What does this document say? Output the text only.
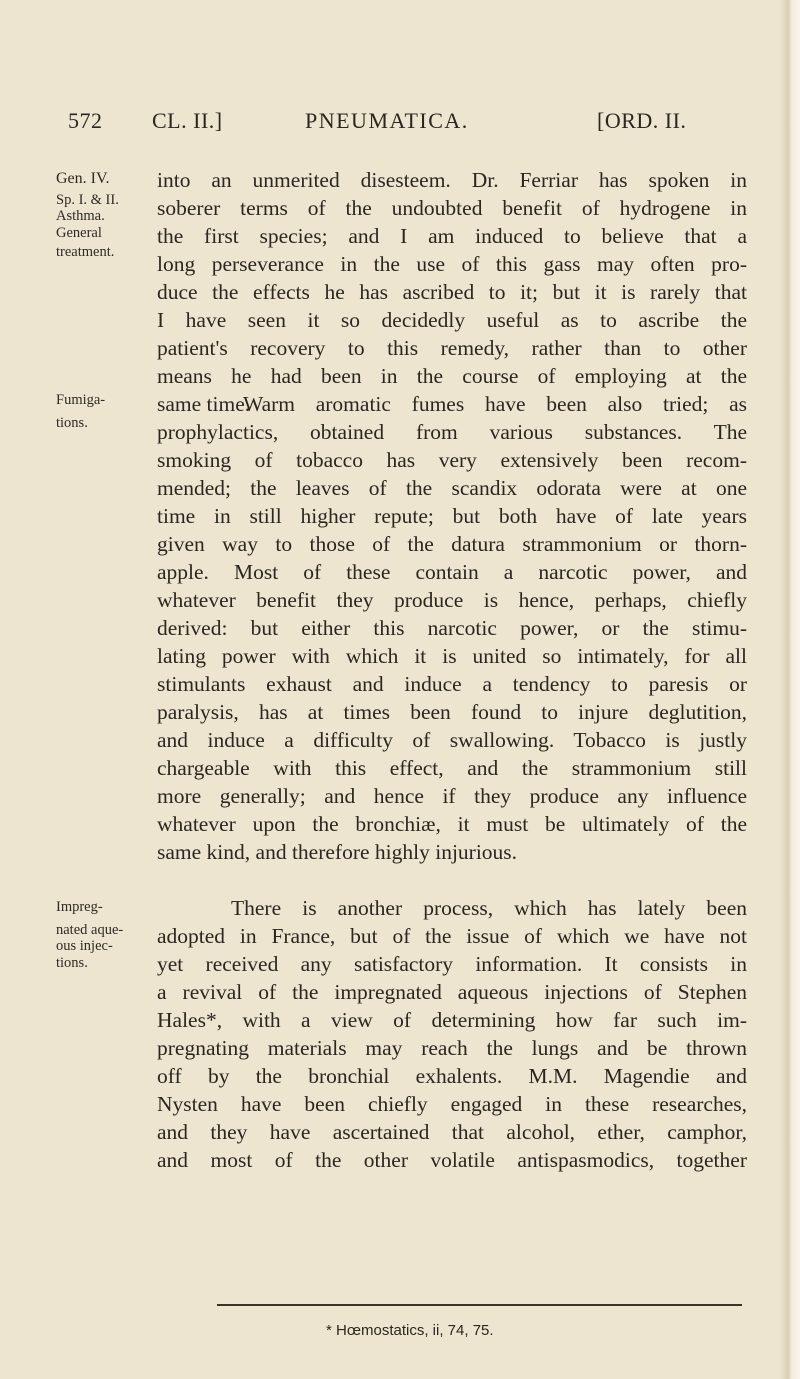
572 CL. II.]	PNEUMATICA.	[ORD. II.
Gen. IV.
Sp. I. & II.
Asthma.
General
treatment.
Fumiga-
tions.
Impreg-
nated aque-
ous injec-
tions.
into an unmerited disesteem. Dr. Ferriar has spoken in
soberer terms of the undoubted benefit of hydrogene in
the first species; and I am induced to believe that a
long perseverance in the use of this gass may often pro-
duce the effects he has ascribed to it; but it is rarely that
I have seen it so decidedly useful as to ascribe the
patient's recovery to this remedy, rather than to other
means he had been in the course of employing at the
same time.
Warm aromatic fumes have been also tried; as
prophylactics, obtained from various substances. The
smoking of tobacco has very extensively been recom-
mended; the leaves of the scandix odorata were at one
time in still higher repute; but both have of late years
given way to those of the datura strammonium or thorn-
apple. Most of these contain a narcotic power, and
whatever benefit they produce is hence, perhaps, chiefly
derived: but either this narcotic power, or the stimu-
lating power with which it is united so intimately, for all
stimulants exhaust and induce a tendency to paresis or
paralysis, has at times been found to injure deglutition,
and induce a difficulty of swallowing. Tobacco is justly
chargeable with this effect, and the strammonium still
more generally; and hence if they produce any influence
whatever upon the bronchiæ, it must be ultimately of the
same kind, and therefore highly injurious.
There is another process, which has lately been
adopted in France, but of the issue of which we have not
yet received any satisfactory information. It consists in
a revival of the impregnated aqueous injections of Stephen
Hales*, with a view of determining how far such im-
pregnating materials may reach the lungs and be thrown
off by the bronchial exhalents. M.M. Magendie and
Nysten have been chiefly engaged in these researches,
and they have ascertained that alcohol, ether, camphor,
and most of the other volatile antispasmodics, together
* Hœmostatics, ii, 74, 75.
